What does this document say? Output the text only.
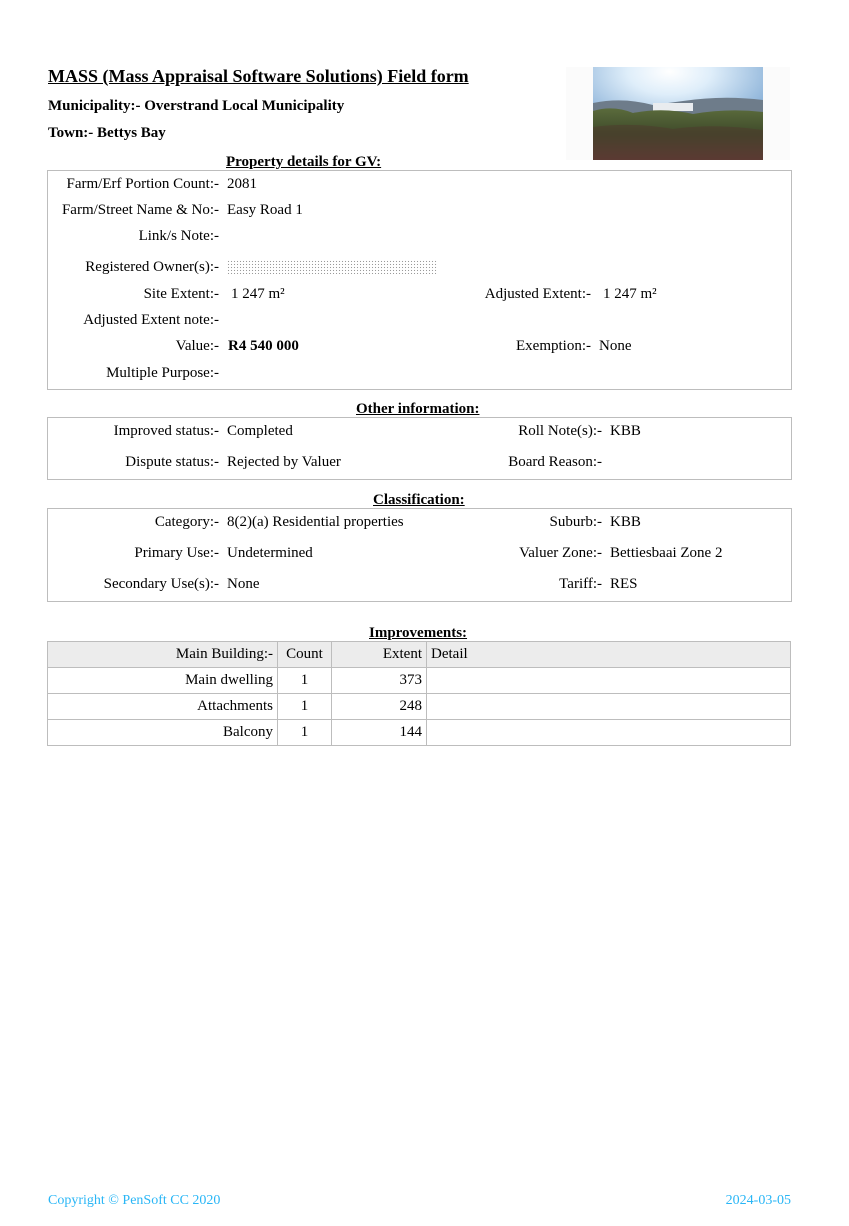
MASS (Mass Appraisal Software Solutions) Field form
Municipality:- Overstrand Local Municipality
Town:- Bettys Bay
Property details for GV:
Farm/Erf Portion Count:- 2081
Farm/Street Name & No:- Easy Road 1
Link/s Note:-
Registered Owner(s):-
Site Extent:- 1 247 m²	Adjusted Extent:- 1 247 m²
Adjusted Extent note:-
Value:- R4 540 000	Exemption:- None
Multiple Purpose:-
Other information:
Improved status:- Completed	Roll Note(s):- KBB
Dispute status:- Rejected by Valuer	Board Reason:-
Classification:
Category:- 8(2)(a) Residential properties	Suburb:- KBB
Primary Use:- Undetermined	Valuer Zone:- Bettiesbaai Zone 2
Secondary Use(s):- None	Tariff:- RES
Improvements:
Main Building:-	Count	Extent	Detail
Main dwelling	1	373	
Attachments	1	248	
Balcony	1	144	
Copyright © PenSoft CC 2020	2024-03-05
